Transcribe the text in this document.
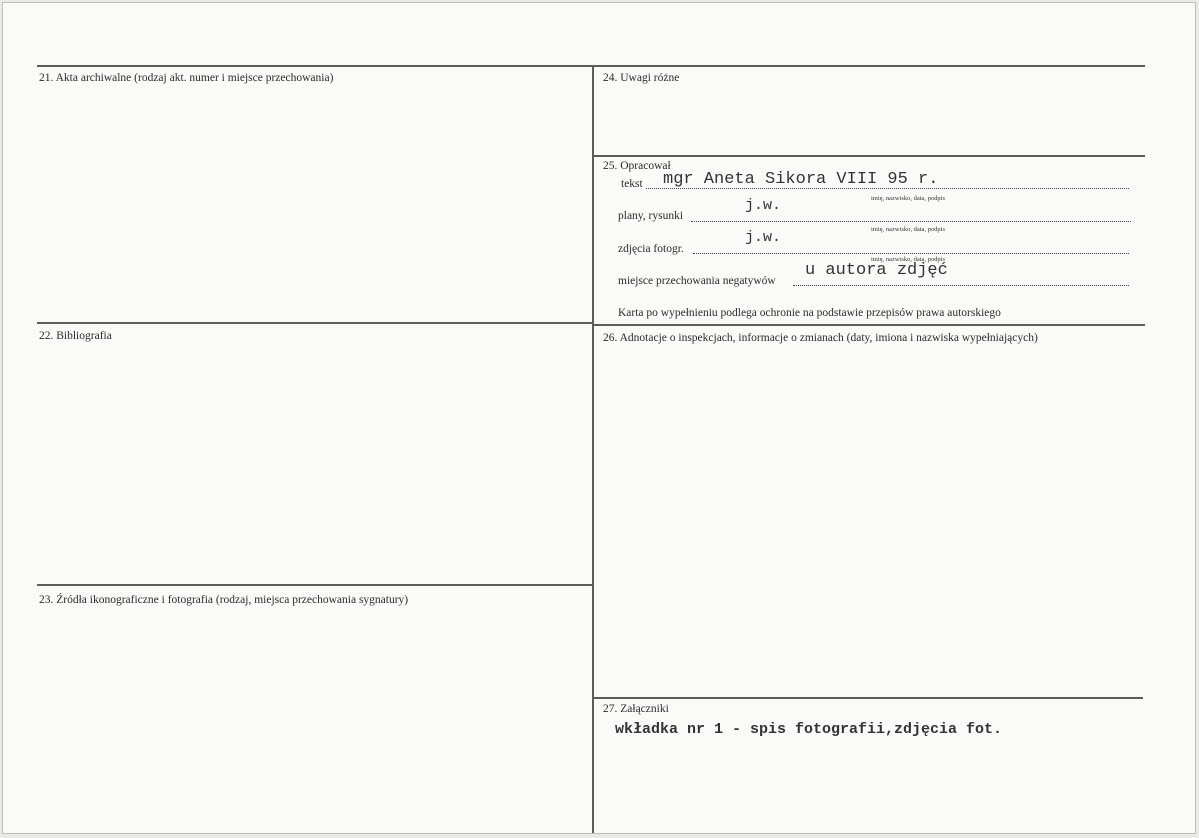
21. Akta archiwalne (rodzaj akt. numer i miejsce przechowania)
22. Bibliografia
23. Źródła ikonograficzne i fotografia (rodzaj, miejsca przechowania sygnatury)
24. Uwagi różne
25. Opracował
tekst mgr Aneta Sikora VIII 95 r.
imię, nazwisko, data, podpis
plany, rysunki
j.w.
imię, nazwisko, data, podpis
zdjęcia fotogr.
j.w.
imię, nazwisko, data, podpis
miejsce przechowania negatywów
u autora zdjęć
Karta po wypełnieniu podlega ochronie na podstawie przepisów prawa autorskiego
26. Adnotacje o inspekcjach, informacje o zmianach (daty, imiona i nazwiska wypełniających)
27. Załączniki
wkładka nr 1 - spis fotografii,zdjęcia fot.
